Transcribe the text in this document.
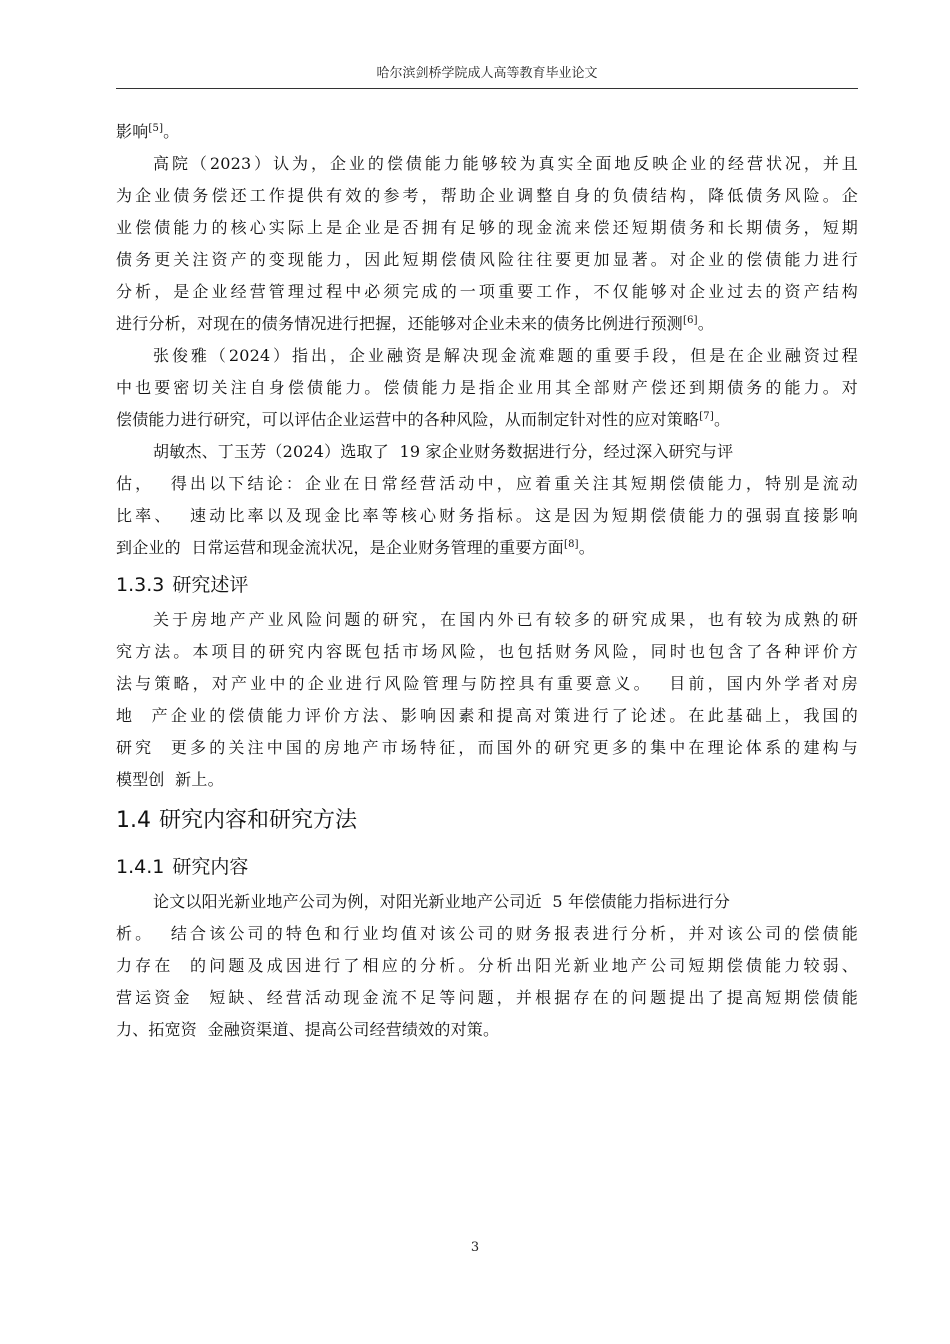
哈尔滨剑桥学院成人高等教育毕业论文
影响[5]。
高院（2023）认为，企业的偿债能力能够较为真实全面地反映企业的经营状况，并且
为企业债务偿还工作提供有效的参考，帮助企业调整自身的负债结构，降低债务风险。企
业偿债能力的核心实际上是企业是否拥有足够的现金流来偿还短期债务和长期债务，短期
债务更关注资产的变现能力，因此短期偿债风险往往要更加显著。对企业的偿债能力进行
分析，是企业经营管理过程中必须完成的一项重要工作，不仅能够对企业过去的资产结构
进行分析，对现在的债务情况进行把握，还能够对企业未来的债务比例进行预测[6]。
张俊雅（2024）指出，企业融资是解决现金流难题的重要手段，但是在企业融资过程
中也要密切关注自身偿债能力。偿债能力是指企业用其全部财产偿还到期债务的能力。对
偿债能力进行研究，可以评估企业运营中的各种风险，从而制定针对性的应对策略[7]。
胡敏杰、丁玉芳（2024）选取了  19 家企业财务数据进行分，经过深入研究与评
估，  得出以下结论：企业在日常经营活动中，应着重关注其短期偿债能力，特别是流动
比率、  速动比率以及现金比率等核心财务指标。这是因为短期偿债能力的强弱直接影响
到企业的  日常运营和现金流状况，是企业财务管理的重要方面[8]。
1.3.3 研究述评
关于房地产产业风险问题的研究，在国内外已有较多的研究成果，也有较为成熟的研
究方法。本项目的研究内容既包括市场风险，也包括财务风险，同时也包含了各种评价方
法与策略，对产业中的企业进行风险管理与防控具有重要意义。  目前，国内外学者对房
地  产企业的偿债能力评价方法、影响因素和提高对策进行了论述。在此基础上，我国的
研究  更多的关注中国的房地产市场特征，而国外的研究更多的集中在理论体系的建构与
模型创  新上。
1.4 研究内容和研究方法
1.4.1 研究内容
论文以阳光新业地产公司为例，对阳光新业地产公司近  5 年偿债能力指标进行分
析。  结合该公司的特色和行业均值对该公司的财务报表进行分析，并对该公司的偿债能
力存在  的问题及成因进行了相应的分析。分析出阳光新业地产公司短期偿债能力较弱、
营运资金  短缺、经营活动现金流不足等问题，并根据存在的问题提出了提高短期偿债能
力、拓宽资  金融资渠道、提高公司经营绩效的对策。
3
